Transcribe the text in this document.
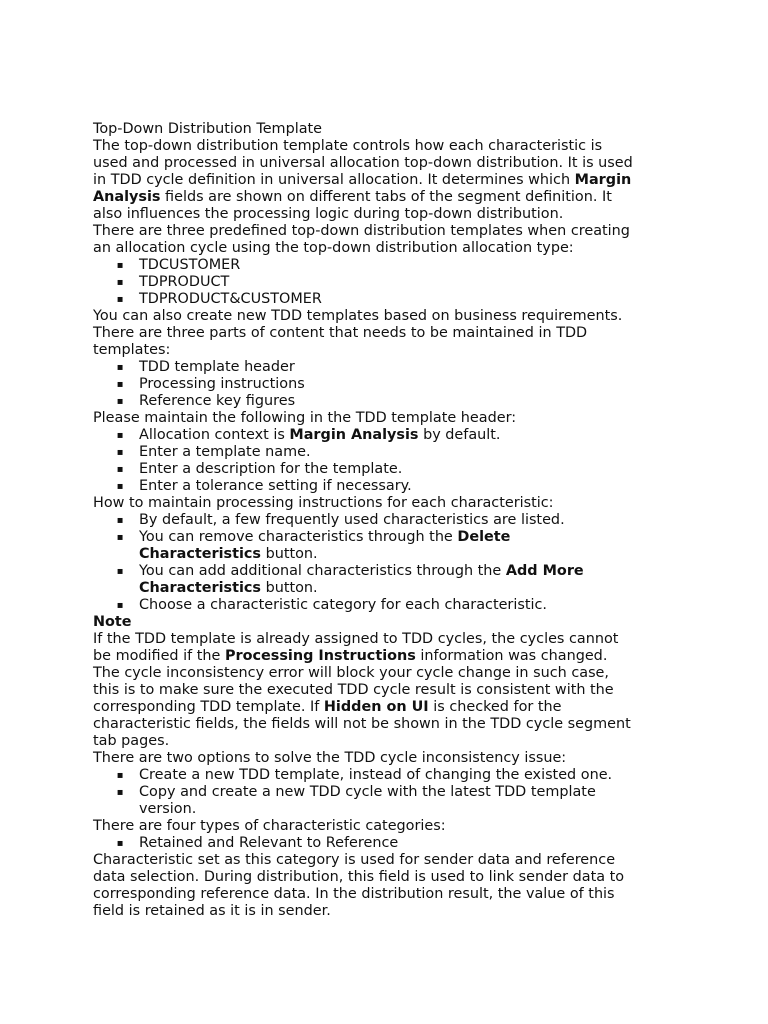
Top-Down Distribution Template

The top-down distribution template controls how each characteristic is

used and processed in universal allocation top-down distribution. It is used

in TDD cycle definition in universal allocation. It determines which Margin

Analysis fields are shown on different tabs of the segment definition. It

also influences the processing logic during top-down distribution.

There are three predefined top-down distribution templates when creating

an allocation cycle using the top-down distribution allocation type:

▪ TDCUSTOMER
▪ TDPRODUCT
▪ TDPRODUCT&CUSTOMER

You can also create new TDD templates based on business requirements.

There are three parts of content that needs to be maintained in TDD

templates:

▪ TDD template header
▪ Processing instructions
▪ Reference key figures

Please maintain the following in the TDD template header:

▪ Allocation context is Margin Analysis by default.
▪ Enter a template name.
▪ Enter a description for the template.
▪ Enter a tolerance setting if necessary.

How to maintain processing instructions for each characteristic:

▪ By default, a few frequently used characteristics are listed.
▪ You can remove characteristics through the Delete
Characteristics button.
▪ You can add additional characteristics through the Add More
Characteristics button.
▪ Choose a characteristic category for each characteristic.
Note

If the TDD template is already assigned to TDD cycles, the cycles cannot

be modified if the Processing Instructions information was changed.

The cycle inconsistency error will block your cycle change in such case,

this is to make sure the executed TDD cycle result is consistent with the

corresponding TDD template. If Hidden on UI is checked for the

characteristic fields, the fields will not be shown in the TDD cycle segment

tab pages.

There are two options to solve the TDD cycle inconsistency issue:

▪ Create a new TDD template, instead of changing the existed one.
▪ Copy and create a new TDD cycle with the latest TDD template
version.

There are four types of characteristic categories:

▪ Retained and Relevant to Reference

Characteristic set as this category is used for sender data and reference

data selection. During distribution, this field is used to link sender data to

corresponding reference data. In the distribution result, the value of this

field is retained as it is in sender.
